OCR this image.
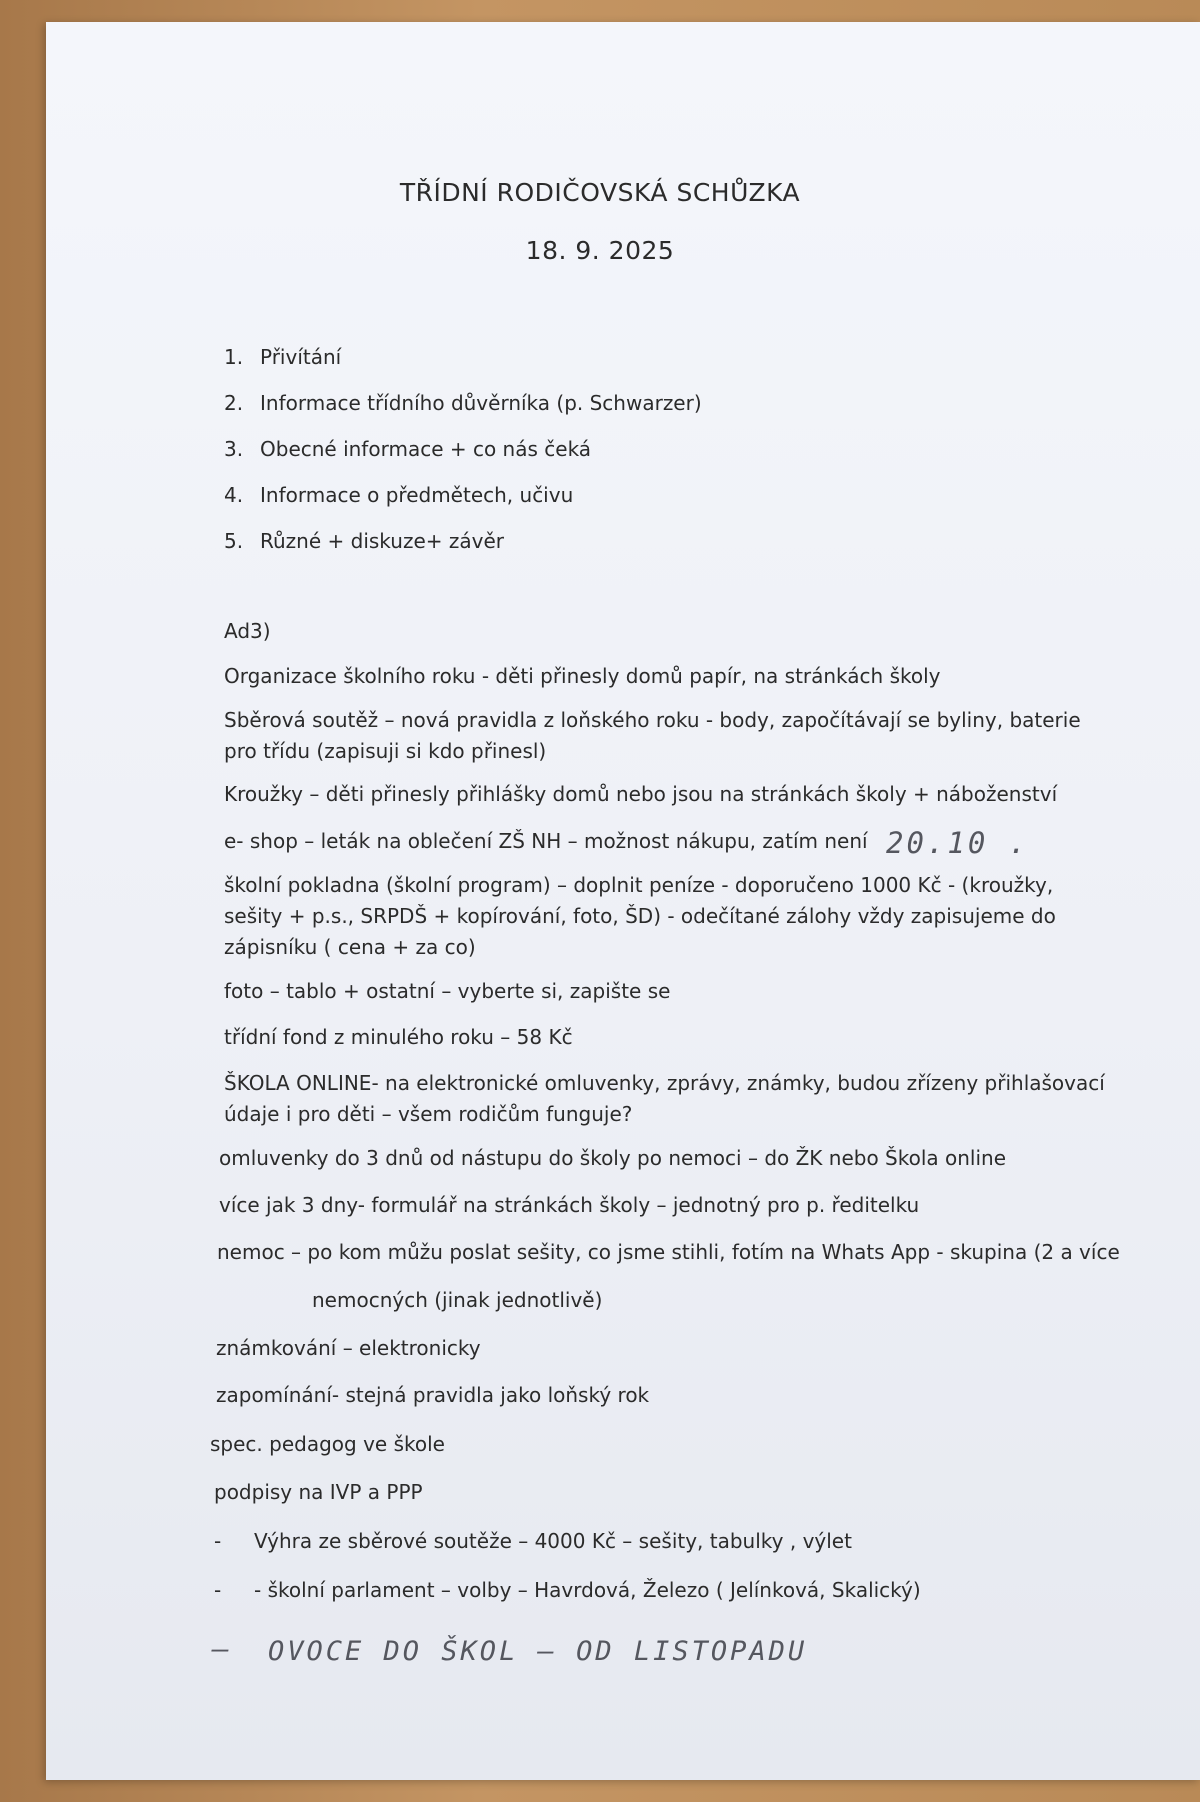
TŘÍDNÍ RODIČOVSKÁ SCHŮZKA
18. 9. 2025
1. Přivítání
2. Informace třídního důvěrníka (p. Schwarzer)
3. Obecné informace + co nás čeká
4. Informace o předmětech, učivu
5. Různé + diskuze+ závěr
Ad3)
Organizace školního roku - děti přinesly domů papír, na stránkách školy
Sběrová soutěž – nová pravidla z loňského roku - body, započítávají se byliny, baterie
pro třídu (zapisuji si kdo přinesl)
Kroužky – děti přinesly přihlášky domů nebo jsou na stránkách školy + náboženství
e- shop – leták na oblečení ZŠ NH – možnost nákupu, zatím není 20.10 .
školní pokladna (školní program) – doplnit peníze - doporučeno 1000 Kč - (kroužky,
sešity + p.s., SRPDŠ + kopírování, foto, ŠD) - odečítané zálohy vždy zapisujeme do
zápisníku ( cena + za co)
foto – tablo + ostatní – vyberte si, zapište se
třídní fond z minulého roku – 58 Kč
ŠKOLA ONLINE- na elektronické omluvenky, zprávy, známky, budou zřízeny přihlašovací
údaje i pro děti – všem rodičům funguje?
omluvenky do 3 dnů od nástupu do školy po nemoci – do ŽK nebo Škola online
více jak 3 dny- formulář na stránkách školy – jednotný pro p. ředitelku
nemoc – po kom můžu poslat sešity, co jsme stihli, fotím na Whats App - skupina (2 a více
nemocných (jinak jednotlivě)
známkování – elektronicky
zapomínání- stejná pravidla jako loňský rok
spec. pedagog ve škole
podpisy na IVP a PPP
- Výhra ze sběrové soutěže – 4000 Kč – sešity, tabulky , výlet
- - školní parlament – volby – Havrdová, Železo ( Jelínková, Skalický)
– OVOCE DO ŠKOL – OD LISTOPADU
